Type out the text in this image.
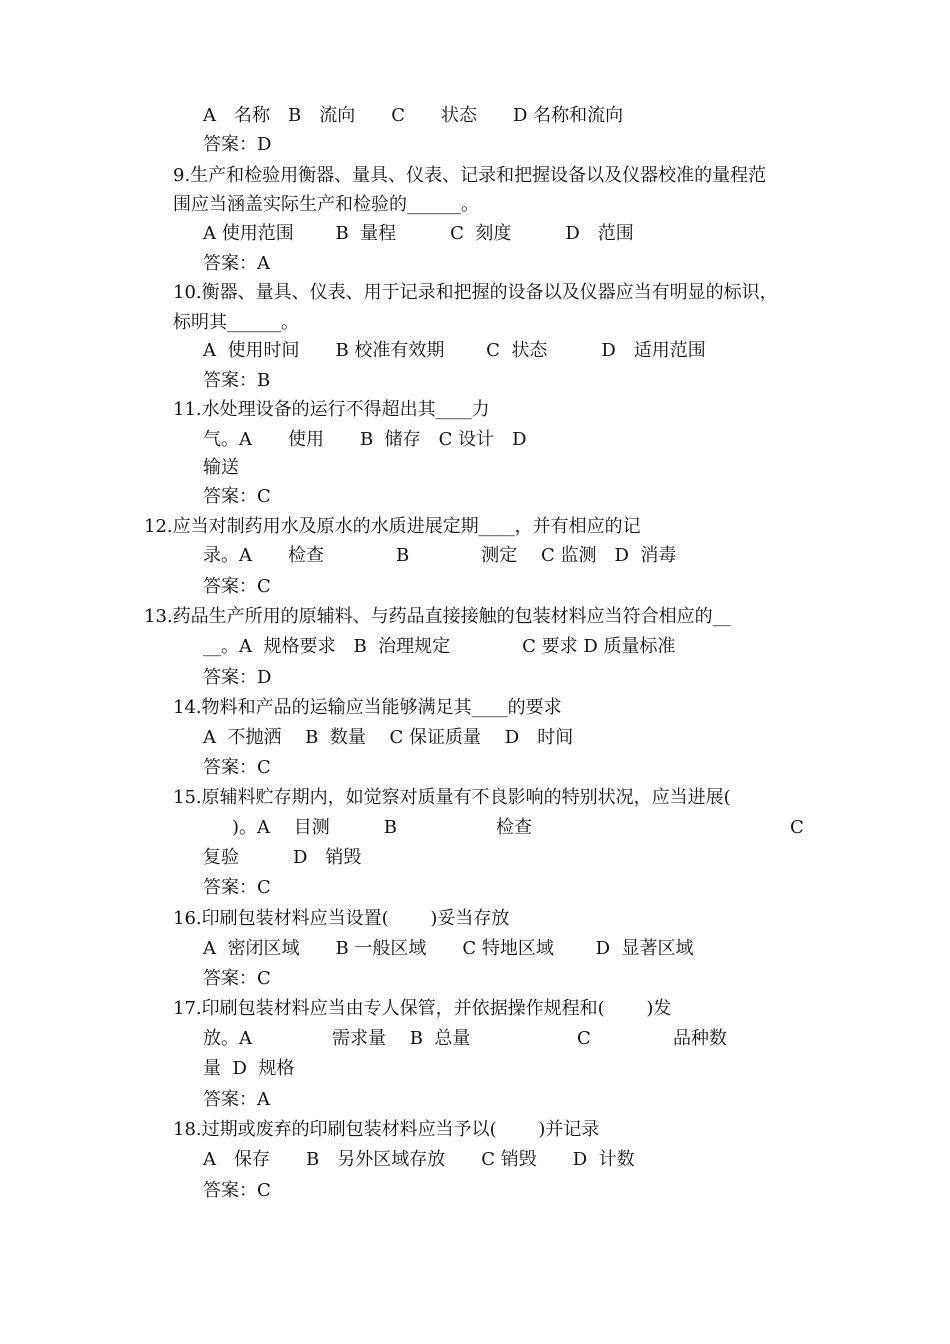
A　名称　B　流向　　C　　状态　　D 名称和流向
答案：D
9.生产和检验用衡器、量具、仪表、记录和把握设备以及仪器校准的量程范
围应当涵盖实际生产和检验的______。
A 使用范围　　 B  量程　　　C  刻度　　　D　范围
答案：A
10.衡器、量具、仪表、用于记录和把握的设备以及仪器应当有明显的标识，
标明其______。
A  使用时间　　B 校准有效期　　 C  状态　　　D　适用范围
答案：B
11.水处理设备的运行不得超出其____力
气。A　　使用　　B  储存　C 设计　D
输送
答案：C
12.应当对制药用水及原水的水质进展定期____，并有相应的记
录。A　　检查　　　　B　　　　测定　 C 监测　D  消毒
答案：C
13.药品生产所用的原辅料、与药品直接接触的包装材料应当符合相应的__
__。A  规格要求　B  治理规定　　　　C 要求 D 质量标准
答案：D
14.物料和产品的运输应当能够满足其____的要求
A  不抛洒　 B  数量　 C 保证质量　 D　时间
答案：C
15.原辅料贮存期内，如觉察对质量有不良影响的特别状况，应当进展(
)。A　 目测　　　B	检查	C
复验　　　D　销毁
答案：C
16.印刷包装材料应当设置(　　 )妥当存放
A  密闭区域　　B 一般区域　　C 特地区域　　 D  显著区域
答案：C
17.印刷包装材料应当由专人保管，并依据操作规程和(　　 )发
放。A	需求量　 B  总量	C	品种数
量  D  规格
答案：A
18.过期或废弃的印刷包装材料应当予以(　　 )并记录
A　保存　　B　另外区域存放　　C 销毁　　D  计数
答案：C
